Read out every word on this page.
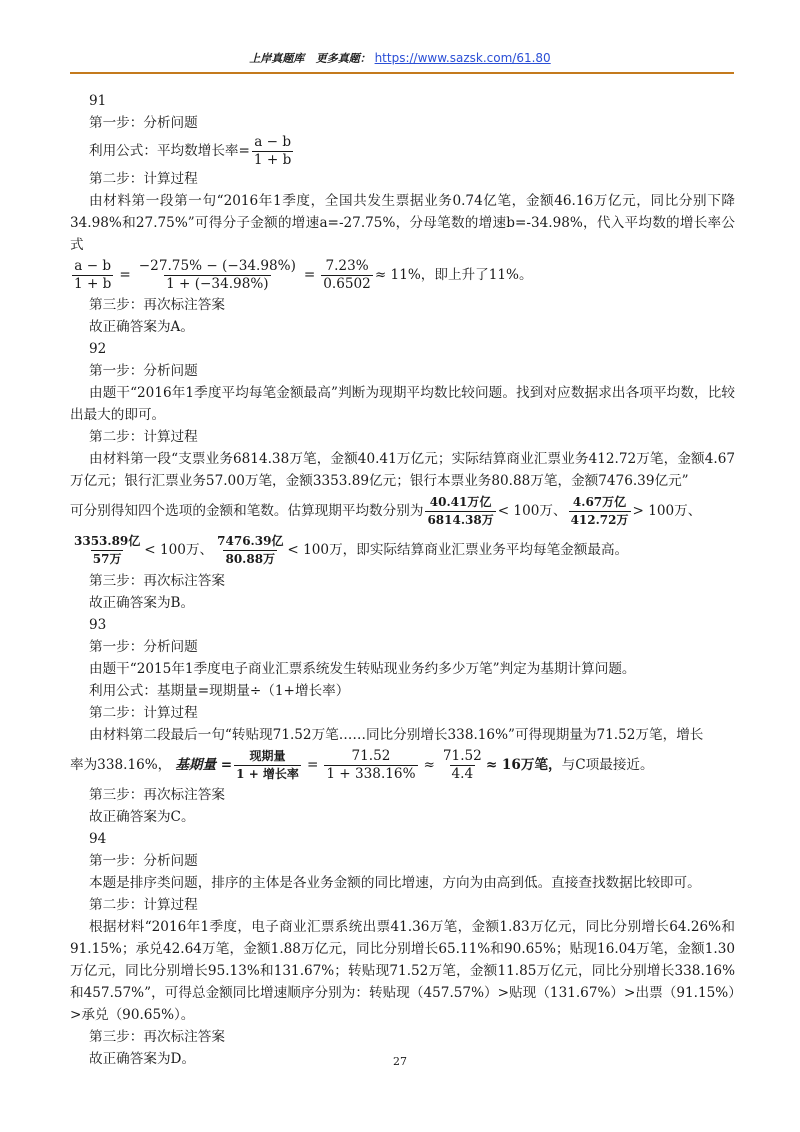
上岸真题库 更多真题： https://www.sazsk.com/61.80
91
第一步：分析问题
利用公式：平均数增长率= $\frac{a - b}{1 + b}$
第二步：计算过程
由材料第一段第一句“2016年1季度，全国共发生票据业务0.74亿笔，金额46.16万亿元，同比分别下降34.98%和27.75%”可得分子金额的增速a=-27.75%，分母笔数的增速b=-34.98%，代入平均数的增长率公式
$\frac{a - b}{1 + b} = \frac{-27.75\% - (-34.98\%)}{1 + (-34.98\%)} = \frac{7.23\%}{0.6502} \approx 11\%$，即上升了11%。
第三步：再次标注答案
故正确答案为A。
92
第一步：分析问题
由题干“2016年1季度平均每笔金额最高”判断为现期平均数比较问题。找到对应数据求出各项平均数，比较出最大的即可。
第二步：计算过程
由材料第一段“支票业务6814.38万笔，金额40.41万亿元；实际结算商业汇票业务412.72万笔，金额4.67万亿元；银行汇票业务57.00万笔，金额3353.89亿元；银行本票业务80.88万笔，金额7476.39亿元”
可分别得知四个选项的金额和笔数。估算现期平均数分别为 $\frac{\text{40.41万亿}}{\text{6814.38万}} < 100$万、 $\frac{\text{4.67万亿}}{\text{412.72万}} > 100$万、
$\frac{\text{3353.89亿}}{\text{57万}} < 100$万、 $\frac{\text{7476.39亿}}{\text{80.88万}} < 100$万，即实际结算商业汇票业务平均每笔金额最高。
第三步：再次标注答案
故正确答案为B。
93
第一步：分析问题
由题干“2015年1季度电子商业汇票系统发生转贴现业务约多少万笔”判定为基期计算问题。
利用公式：基期量=现期量÷（1+增长率）
第二步：计算过程
由材料第二段最后一句“转贴现71.52万笔……同比分别增长338.16%”可得现期量为71.52万笔，增长
率为338.16%， 基期量 = $\frac{\text{现期量}}{\text{1 + 增长率}} = \frac{71.52}{1 + 338.16\%} \approx \frac{71.52}{4.4} \approx 16$万笔， 与C项最接近。
第三步：再次标注答案
故正确答案为C。
94
第一步：分析问题
本题是排序类问题，排序的主体是各业务金额的同比增速，方向为由高到低。直接查找数据比较即可。
第二步：计算过程
根据材料“2016年1季度，电子商业汇票系统出票41.36万笔，金额1.83万亿元，同比分别增长64.26%和91.15%；承兑42.64万笔，金额1.88万亿元，同比分别增长65.11%和90.65%；贴现16.04万笔，金额1.30万亿元，同比分别增长95.13%和131.67%；转贴现71.52万笔，金额11.85万亿元，同比分别增长338.16%和457.57%”，可得总金额同比增速顺序分别为：转贴现（457.57%）>贴现（131.67%）>出票（91.15%）>承兑（90.65%）。
第三步：再次标注答案
故正确答案为D。	27
